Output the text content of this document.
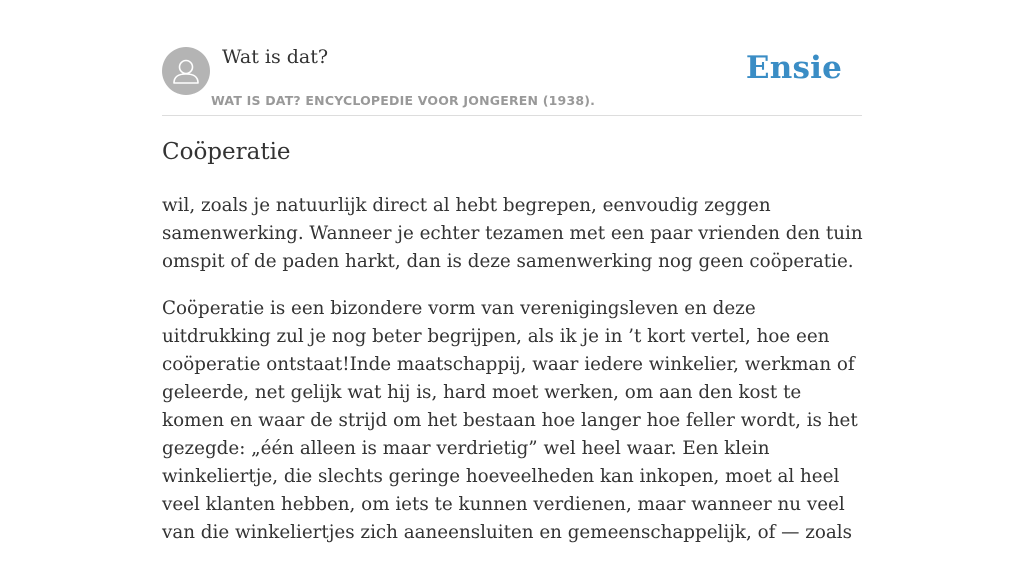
Wat is dat?
WAT IS DAT? ENCYCLOPEDIE VOOR JONGEREN (1938).
Ensie
Coöperatie

wil, zoals je natuurlijk direct al hebt begrepen, eenvoudig zeggen samenwerking. Wanneer je echter tezamen met een paar vrienden den tuin omspit of de paden harkt, dan is deze samenwerking nog geen coöperatie.

Coöperatie is een bizondere vorm van verenigingsleven en deze uitdrukking zul je nog beter begrijpen, als ik je in ’t kort vertel, hoe een coöperatie ontstaat!Inde maatschappij, waar iedere winkelier, werkman of geleerde, net gelijk wat hij is, hard moet werken, om aan den kost te komen en waar de strijd om het bestaan hoe langer hoe feller wordt, is het gezegde: „één alleen is maar verdrietig” wel heel waar. Een klein winkeliertje, die slechts geringe hoeveelheden kan inkopen, moet al heel veel klanten hebben, om iets te kunnen verdienen, maar wanneer nu veel van die winkeliertjes zich aaneensluiten en gemeenschappelijk, of — zoals
